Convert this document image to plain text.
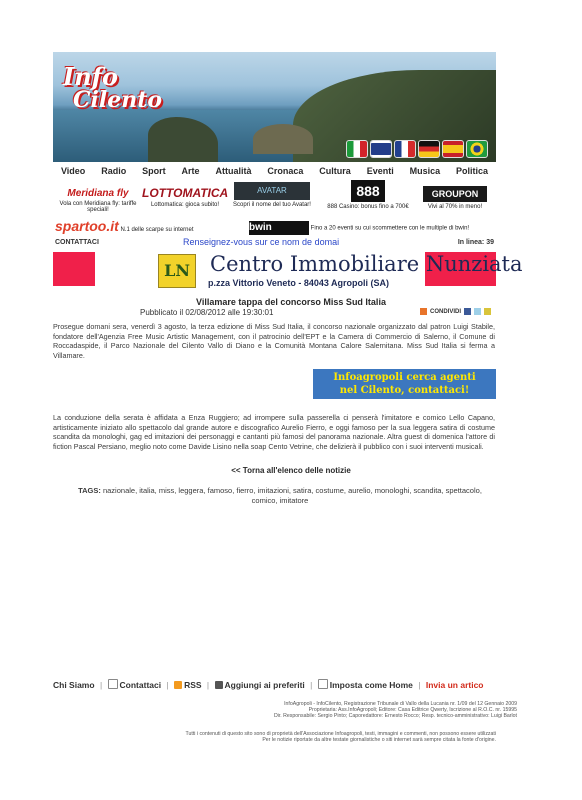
Info
Cilento
Video Radio Sport Arte Attualità Cronaca Cultura Eventi Musica Politica
Meridiana fly
Vola con Meridiana fly: tariffe speciali!
LOTTOMATICA
Lottomatica: gioca subito!
AVATAR
Scopri il nome del tuo Avatar!
888
888 Casino: bonus fino a 700€
GROUPON
Vivi al 70% in meno!
spartoo.it N.1 delle scarpe su internet	bwin	Fino a 20 eventi su cui scommettere con le multiple di bwin!
CONTATTACI	Renseignez-vous sur ce nom de domai	In linea: 39
LN Centro Immobiliare Nunziata
p.zza Vittorio Veneto - 84043 Agropoli (SA)
Villamare tappa del concorso Miss Sud Italia
Pubblicato il 02/08/2012 alle 19:30:01	CONDIVIDI
Prosegue domani sera, venerdì 3 agosto, la terza edizione di Miss Sud Italia, il concorso nazionale organizzato dal patron Luigi Stabile, fondatore dell'Agenzia Free Music Artistic Management, con il patrocinio dell'EPT e la Camera di Commercio di Salerno, il Comune di Roccadaspide, il Parco Nazionale del Cilento Vallo di Diano e la Comunità Montana Calore Salernitana. Miss Sud Italia si ferma a Villamare.
Infoagropoli cerca agenti
nel Cilento, contattaci!
La conduzione della serata è affidata a Enza Ruggiero; ad irrompere sulla passerella ci penserà l'imitatore e comico Lello Capano, artisticamente iniziato allo spettacolo dal grande autore e discografico Aurelio Fierro, e oggi famoso per la sua leggera satira di costume scandita da monologhi, gag ed imitazioni dei personaggi e cantanti più famosi del panorama nazionale. Altra guest di domenica l'attore di fiction Pascal Persiano, meglio noto come Davide Lisino nella soap Cento Vetrine, che delizierà il pubblico con i suoi interventi musicali.
<< Torna all'elenco delle notizie
TAGS: nazionale, italia, miss, leggera, famoso, fierro, imitazioni, satira, costume, aurelio, monologhi, scandita, spettacolo, comico, imitatore
Chi Siamo | Contattaci | RSS | Aggiungi ai preferiti | Imposta come Home | Invia un artico
InfoAgropoli - InfoCilento, Registrazione Tribunale di Vallo della Lucania nr. 1/09 del 12 Gennaio 2009
Proprietaria: Ass.InfoAgropoli; Editore: Casa Editrice Qwerty, Iscrizione al R.O.C. nr. 15995
Dir. Responsabile: Sergio Pinto; Caporedattore: Ernesto Rocco; Resp. tecnico-amministrativo: Luigi Barlot
Tutti i contenuti di questo sito sono di proprietà dell'Associazione Infoagropoli, testi, immagini e commenti, non possono essere utilizzati
Per le notizie riportate da altre testate giornalistiche o siti internet sarà sempre citata la fonte d'origine.
